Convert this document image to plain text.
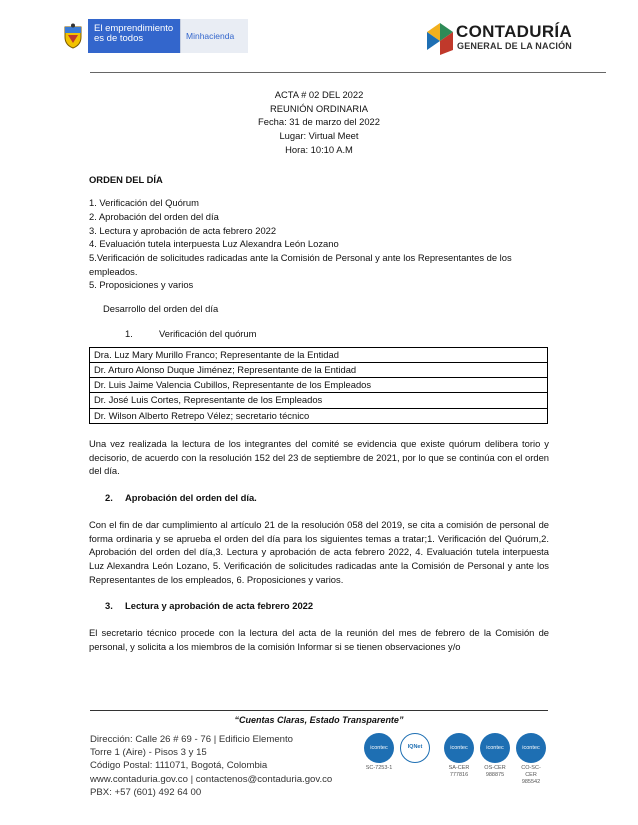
El emprendimiento
es de todos	Minhacienda	CONTADURÍA
GENERAL DE LA NACIÓN
ACTA # 02 DEL 2022
REUNIÓN ORDINARIA
Fecha: 31 de marzo del 2022
Lugar: Virtual Meet
Hora: 10:10 A.M
ORDEN DEL DÍA
1. Verificación del Quórum
2. Aprobación del orden del día
3. Lectura y aprobación de acta febrero 2022
4. Evaluación tutela interpuesta Luz Alexandra León Lozano
5.Verificación de solicitudes radicadas ante la Comisión de Personal y ante los Representantes de los empleados.
5. Proposiciones y varios
Desarrollo del orden del día
1.	Verificación del quórum
Dra. Luz Mary Murillo Franco; Representante de la Entidad
Dr. Arturo Alonso Duque Jiménez; Representante de la Entidad
Dr. Luis Jaime Valencia Cubillos, Representante de los Empleados
Dr. José Luis Cortes, Representante de los Empleados
Dr. Wilson Alberto Retrepo Vélez; secretario técnico

Una vez realizada la lectura de los integrantes del comité se evidencia que existe quórum delibera torio y decisorio, de acuerdo con la resolución 152 del 23 de septiembre de 2021, por lo que se continúa con el orden del día.

2. Aprobación del orden del día.

Con el fin de dar cumplimiento al artículo 21 de la resolución 058 del 2019, se cita a comisión de personal de forma ordinaria y se aprueba el orden del día para los siguientes temas a tratar;1. Verificación del Quórum,2. Aprobación del orden del día,3. Lectura y aprobación de acta febrero 2022, 4. Evaluación tutela interpuesta Luz Alexandra León Lozano, 5. Verificación de solicitudes radicadas ante la Comisión de Personal y ante los Representantes de los empleados, 6. Proposiciones y varios.

3. Lectura y aprobación de acta febrero 2022

El secretario técnico procede con la lectura del acta de la reunión del mes de febrero de la Comisión de personal, y solicita a los miembros de la comisión Informar si se tienen observaciones y/o

“Cuentas Claras, Estado Transparente”
Dirección: Calle 26 # 69 - 76 | Edificio Elemento
Torre 1 (Aire) - Pisos 3 y 15
Código Postal: 111071, Bogotá, Colombia
www.contaduria.gov.co | contactenos@contaduria.gov.co
PBX: +57 (601) 492 64 00
icontec
SC-7253-1
IQNet	icontec
SA-CER 777816
icontec
OS-CER 988875
icontec
CO-SC-CER 985542
